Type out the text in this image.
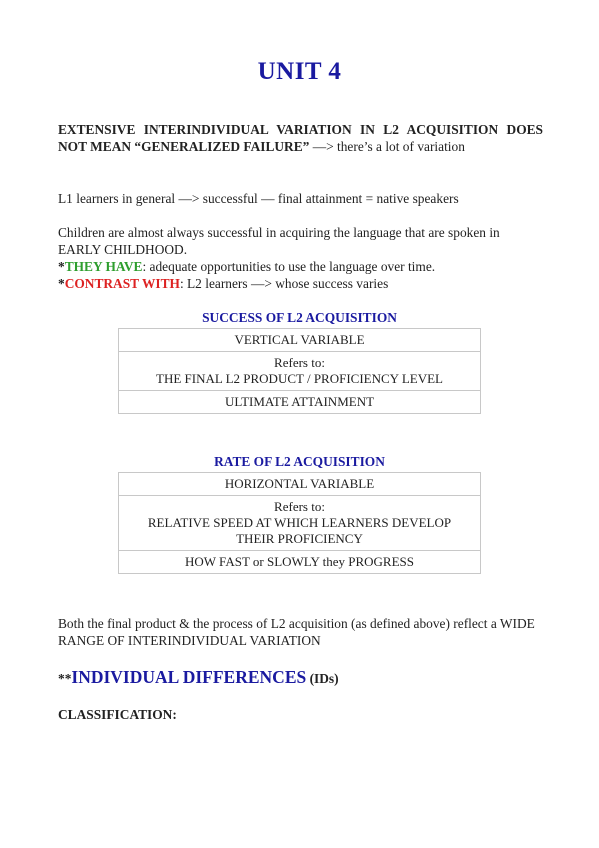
UNIT 4
EXTENSIVE INTERINDIVIDUAL VARIATION IN L2 ACQUISITION DOES NOT MEAN “GENERALIZED FAILURE” —> there’s a lot of variation
L1 learners in general —> successful — final attainment = native speakers
Children are almost always successful in acquiring the language that are spoken in EARLY CHILDHOOD.
*THEY HAVE: adequate opportunities to use the language over time.
*CONTRAST WITH: L2 learners —> whose success varies
SUCCESS OF L2 ACQUISITION
VERTICAL VARIABLE

Refers to:
THE FINAL L2 PRODUCT / PROFICIENCY LEVEL

ULTIMATE ATTAINMENT
RATE OF L2 ACQUISITION
HORIZONTAL VARIABLE

Refers to:
RELATIVE SPEED AT WHICH LEARNERS DEVELOP THEIR PROFICIENCY

HOW FAST or SLOWLY they PROGRESS
Both the final product & the process of L2 acquisition (as defined above) reflect a WIDE RANGE OF INTERINDIVIDUAL VARIATION
**INDIVIDUAL DIFFERENCES (IDs)
CLASSIFICATION:
